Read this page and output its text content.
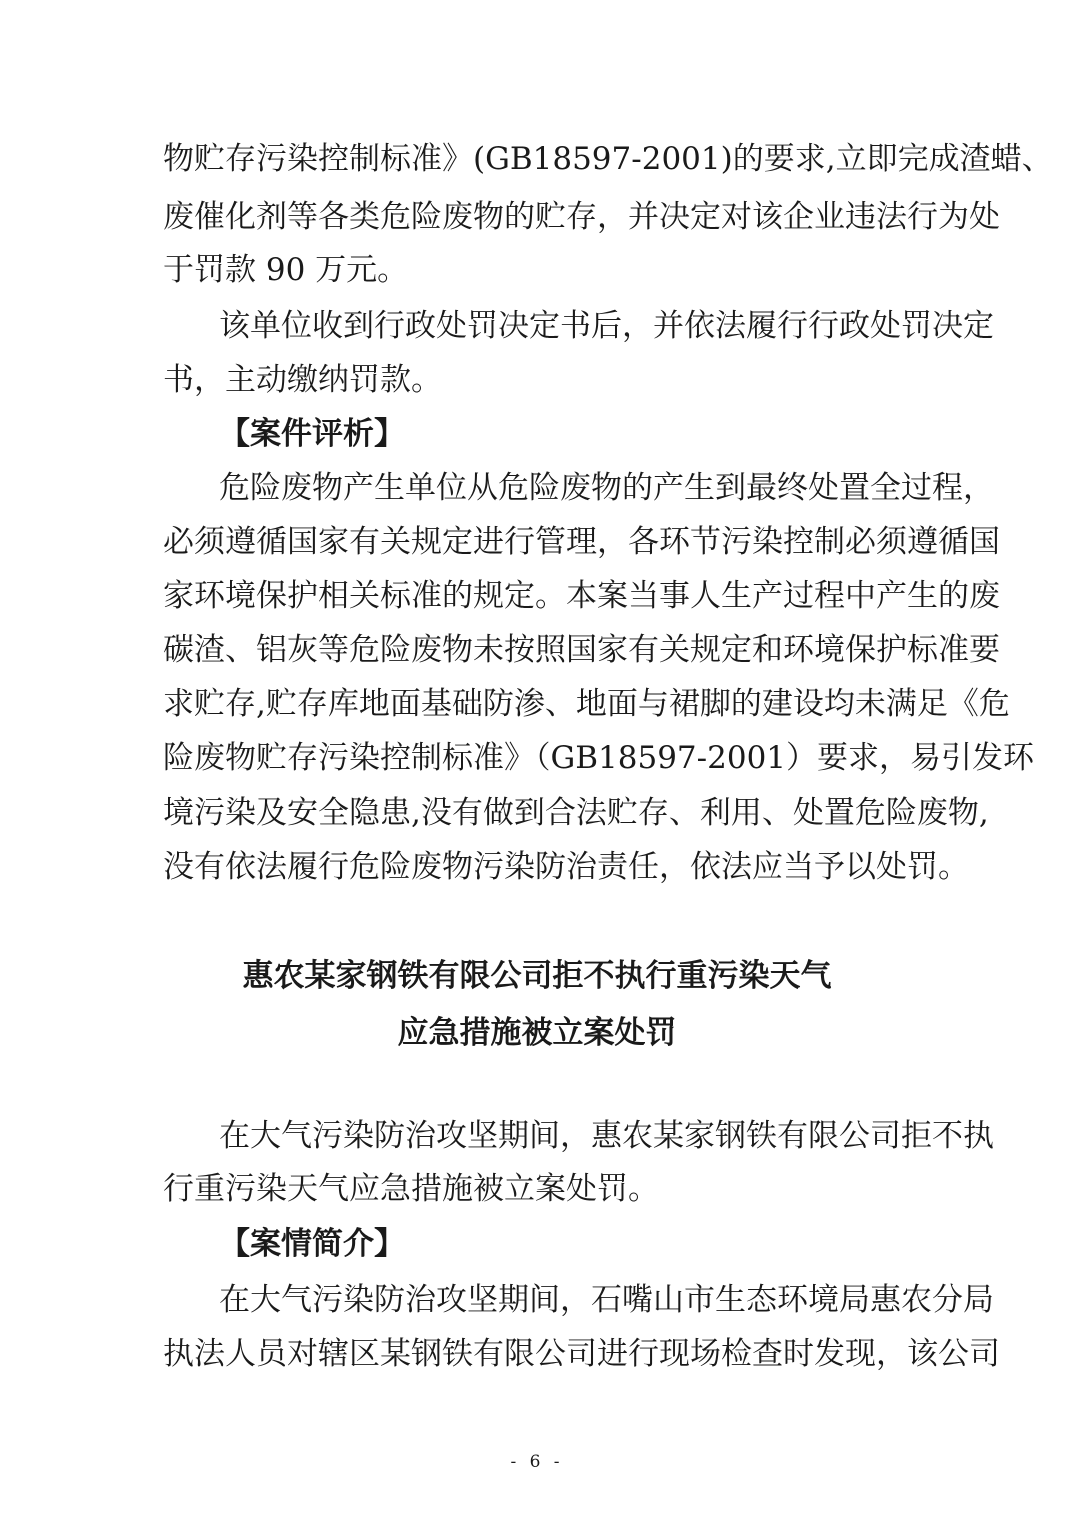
物贮存污染控制标准》(GB18597-2001)的要求,立即完成渣蜡、
废催化剂等各类危险废物的贮存，并决定对该企业违法行为处
于罚款 90 万元。
该单位收到行政处罚决定书后，并依法履行行政处罚决定
书，主动缴纳罚款。
【案件评析】
危险废物产生单位从危险废物的产生到最终处置全过程，
必须遵循国家有关规定进行管理，各环节污染控制必须遵循国
家环境保护相关标准的规定。本案当事人生产过程中产生的废
碳渣、铝灰等危险废物未按照国家有关规定和环境保护标准要
求贮存,贮存库地面基础防渗、地面与裙脚的建设均未满足《危
险废物贮存污染控制标准》（GB18597-2001）要求，易引发环
境污染及安全隐患,没有做到合法贮存、利用、处置危险废物,
没有依法履行危险废物污染防治责任，依法应当予以处罚。
惠农某家钢铁有限公司拒不执行重污染天气
应急措施被立案处罚
在大气污染防治攻坚期间，惠农某家钢铁有限公司拒不执
行重污染天气应急措施被立案处罚。
【案情简介】
在大气污染防治攻坚期间，石嘴山市生态环境局惠农分局
执法人员对辖区某钢铁有限公司进行现场检查时发现，该公司
- 6 -
